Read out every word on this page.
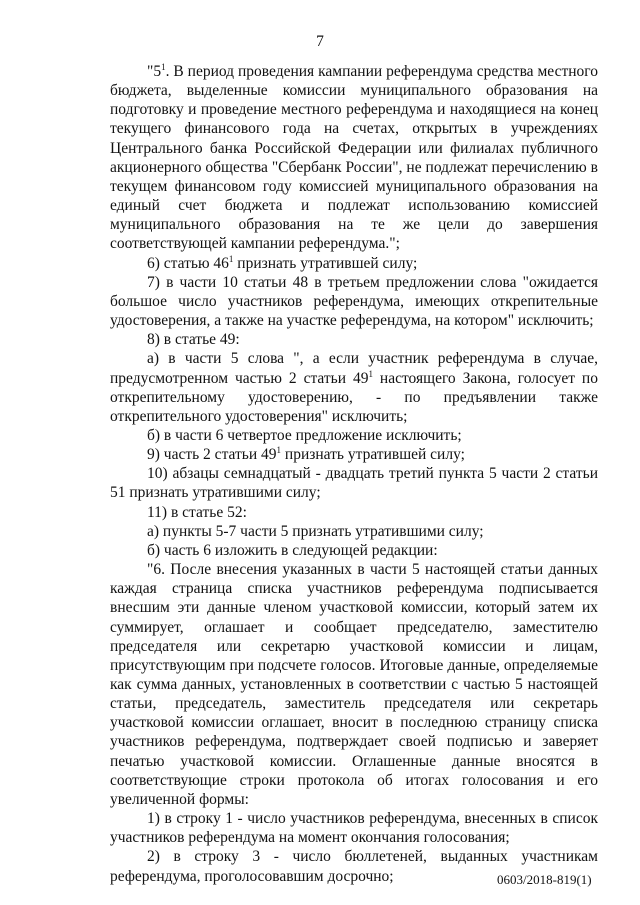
7

"$5^1$. В период проведения кампании референдума средства местного бюджета, выделенные комиссии муниципального образования на подготовку и проведение местного референдума и находящиеся на конец текущего финансового года на счетах, открытых в учреждениях Центрального банка Российской Федерации или филиалах публичного акционерного общества "Сбербанк России", не подлежат перечислению в текущем финансовом году комиссией муниципального образования на единый счет бюджета и подлежат использованию комиссией муниципального образования на те же цели до завершения соответствующей кампании референдума.";

6) статью $46^1$ признать утратившей силу;

7) в части 10 статьи 48 в третьем предложении слова "ожидается большое число участников референдума, имеющих открепительные удостоверения, а также на участке референдума, на котором" исключить;

8) в статье 49:

а) в части 5 слова ", а если участник референдума в случае, предусмотренном частью 2 статьи $49^1$ настоящего Закона, голосует по открепительному удостоверению, - по предъявлении также открепительного удостоверения" исключить;

б) в части 6 четвертое предложение исключить;

9) часть 2 статьи $49^1$ признать утратившей силу;

10) абзацы семнадцатый - двадцать третий пункта 5 части 2 статьи 51 признать утратившими силу;

11) в статье 52:

а) пункты 5-7 части 5 признать утратившими силу;

б) часть 6 изложить в следующей редакции:

"6. После внесения указанных в части 5 настоящей статьи данных каждая страница списка участников референдума подписывается внесшим эти данные членом участковой комиссии, который затем их суммирует, оглашает и сообщает председателю, заместителю председателя или секретарю участковой комиссии и лицам, присутствующим при подсчете голосов. Итоговые данные, определяемые как сумма данных, установленных в соответствии с частью 5 настоящей статьи, председатель, заместитель председателя или секретарь участковой комиссии оглашает, вносит в последнюю страницу списка участников референдума, подтверждает своей подписью и заверяет печатью участковой комиссии. Оглашенные данные вносятся в соответствующие строки протокола об итогах голосования и его увеличенной формы:

1) в строку 1 - число участников референдума, внесенных в список участников референдума на момент окончания голосования;

2) в строку 3 - число бюллетеней, выданных участникам референдума, проголосовавшим досрочно;	0603/2018-819(1)
